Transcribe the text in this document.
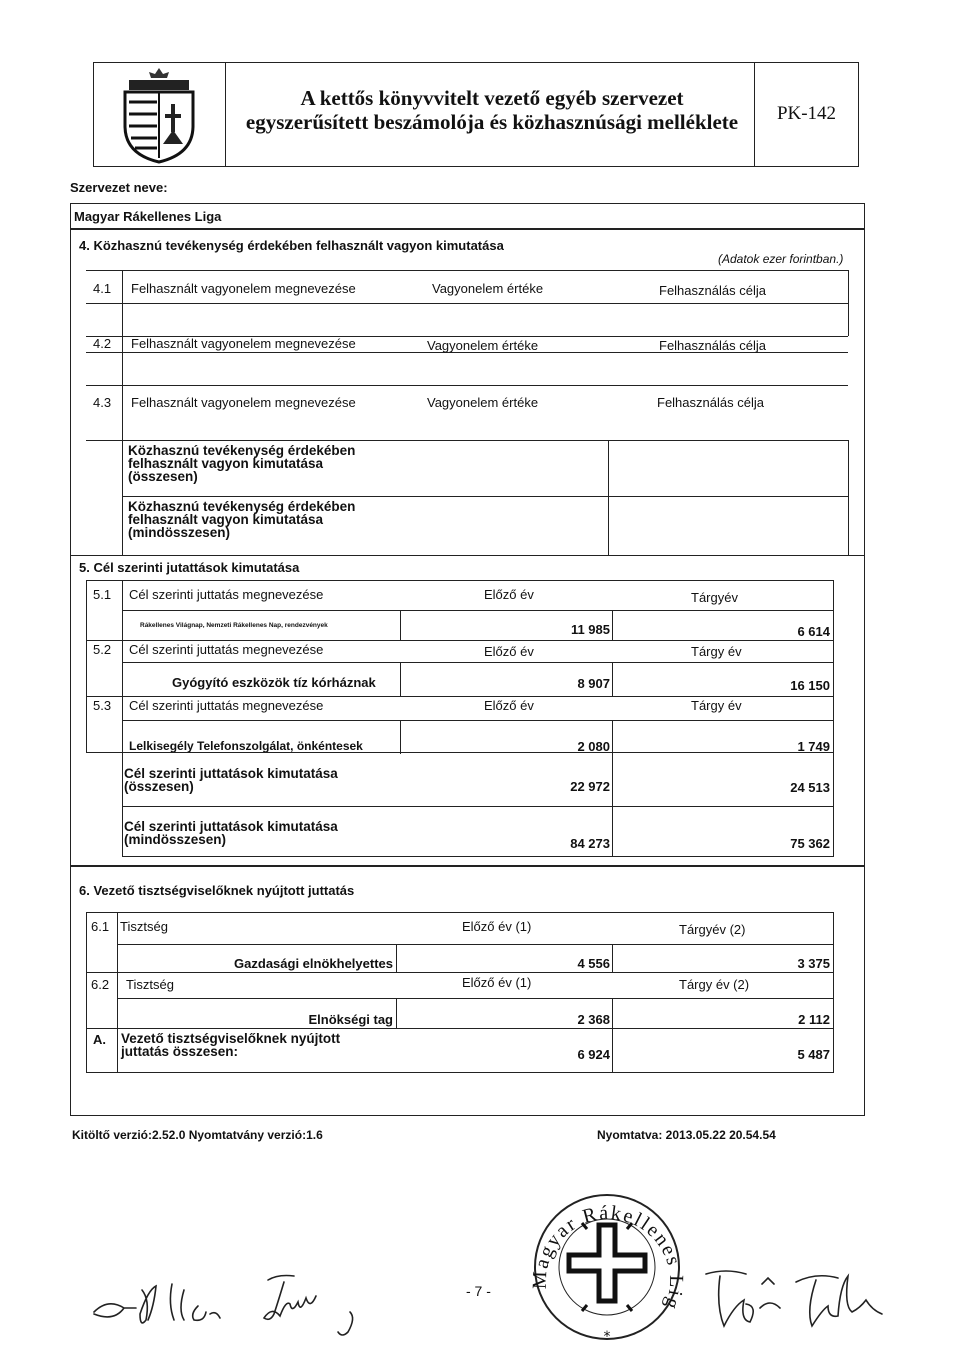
A kettős könyvvitelt vezető egyéb szervezet
egyszerűsített beszámolója és közhasznúsági melléklete	PK-142
Szervezet neve:
Magyar Rákellenes Liga
4. Közhasznú tevékenység érdekében felhasznált vagyon kimutatása
(Adatok ezer forintban.)
4.1 Felhasznált vagyonelem megnevezése	Vagyonelem értéke	Felhasználás célja
4.2 Felhasznált vagyonelem megnevezése	Vagyonelem értéke	Felhasználás célja
4.3 Felhasznált vagyonelem megnevezése	Vagyonelem értéke	Felhasználás célja
Közhasznú tevékenység érdekében felhasznált vagyon kimutatása (összesen)
Közhasznú tevékenység érdekében felhasznált vagyon kimutatása (mindösszesen)
5. Cél szerinti jutattások kimutatása
5.1 Cél szerinti juttatás megnevezése	Előző év	Tárgyév
Rákellenes Világnap, Nemzeti Rákellenes Nap, rendezvények	11 985	6 614
5.2 Cél szerinti juttatás megnevezése	Előző év	Tárgy év
Gyógyító eszközök tíz kórháznak	8 907	16 150
5.3 Cél szerinti juttatás megnevezése	Előző év	Tárgy év
Lelkisegély Telefonszolgálat, önkéntesek	2 080	1 749
Cél szerinti juttatások kimutatása (összesen)	22 972	24 513
Cél szerinti juttatások kimutatása (mindösszesen)	84 273	75 362
6. Vezető tisztségviselőknek nyújtott juttatás
6.1 Tisztség	Előző év (1)	Tárgyév (2)
Gazdasági elnökhelyettes	4 556	3 375
6.2 Tisztség	Előző év (1)	Tárgy év (2)
Elnökségi tag	2 368	2 112
A. Vezető tisztségviselőknek nyújtott juttatás összesen:	6 924	5 487
Kitöltő verzió:2.52.0 Nyomtatvány verzió:1.6	Nyomtatva: 2013.05.22 20.54.54
- 7 -
*
Magyar Rákellenes Lig
